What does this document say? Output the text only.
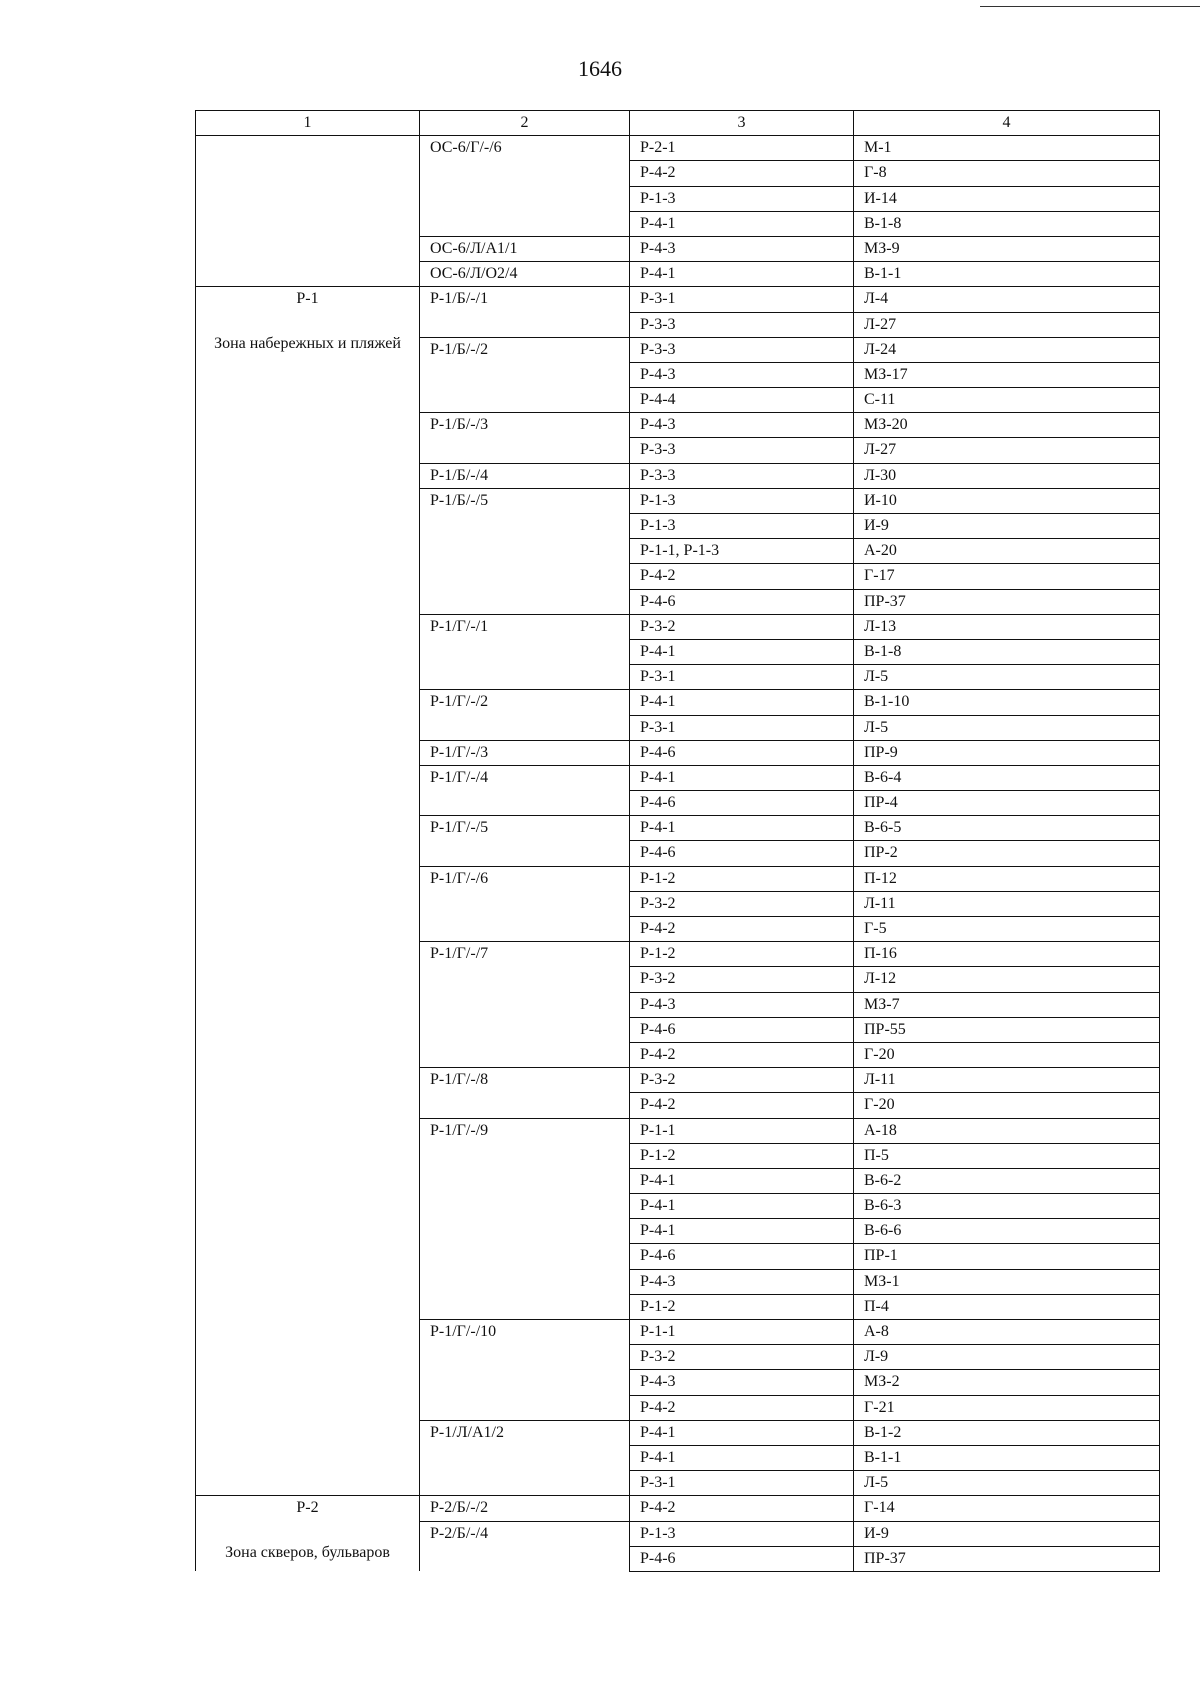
1646
1	2	3	4

	ОС-6/Г/-/6	Р-2-1	М-1
		Р-4-2	Г-8
		Р-1-3	И-14
		Р-4-1	В-1-8
	ОС-6/Л/А1/1	Р-4-3	МЗ-9
	ОС-6/Л/О2/4	Р-4-1	В-1-1

Р-1
Зона набережных и пляжей	Р-1/Б/-/1	Р-3-1	Л-4
		Р-3-3	Л-27
	Р-1/Б/-/2	Р-3-3	Л-24
		Р-4-3	МЗ-17
		Р-4-4	С-11
	Р-1/Б/-/3	Р-4-3	МЗ-20
		Р-3-3	Л-27
	Р-1/Б/-/4	Р-3-3	Л-30
	Р-1/Б/-/5	Р-1-3	И-10
		Р-1-3	И-9
		Р-1-1, Р-1-3	А-20
		Р-4-2	Г-17
		Р-4-6	ПР-37
	Р-1/Г/-/1	Р-3-2	Л-13
		Р-4-1	В-1-8
		Р-3-1	Л-5
	Р-1/Г/-/2	Р-4-1	В-1-10
		Р-3-1	Л-5
	Р-1/Г/-/3	Р-4-6	ПР-9
	Р-1/Г/-/4	Р-4-1	В-6-4
		Р-4-6	ПР-4
	Р-1/Г/-/5	Р-4-1	В-6-5
		Р-4-6	ПР-2
	Р-1/Г/-/6	Р-1-2	П-12
		Р-3-2	Л-11
		Р-4-2	Г-5
	Р-1/Г/-/7	Р-1-2	П-16
		Р-3-2	Л-12
		Р-4-3	МЗ-7
		Р-4-6	ПР-55
		Р-4-2	Г-20
	Р-1/Г/-/8	Р-3-2	Л-11
		Р-4-2	Г-20
	Р-1/Г/-/9	Р-1-1	А-18
		Р-1-2	П-5
		Р-4-1	В-6-2
		Р-4-1	В-6-3
		Р-4-1	В-6-6
		Р-4-6	ПР-1
		Р-4-3	МЗ-1
		Р-1-2	П-4
	Р-1/Г/-/10	Р-1-1	А-8
		Р-3-2	Л-9
		Р-4-3	МЗ-2
		Р-4-2	Г-21
	Р-1/Л/А1/2	Р-4-1	В-1-2
		Р-4-1	В-1-1
		Р-3-1	Л-5

Р-2
Зона скверов, бульваров	Р-2/Б/-/2	Р-4-2	Г-14
	Р-2/Б/-/4	Р-1-3	И-9
		Р-4-6	ПР-37
